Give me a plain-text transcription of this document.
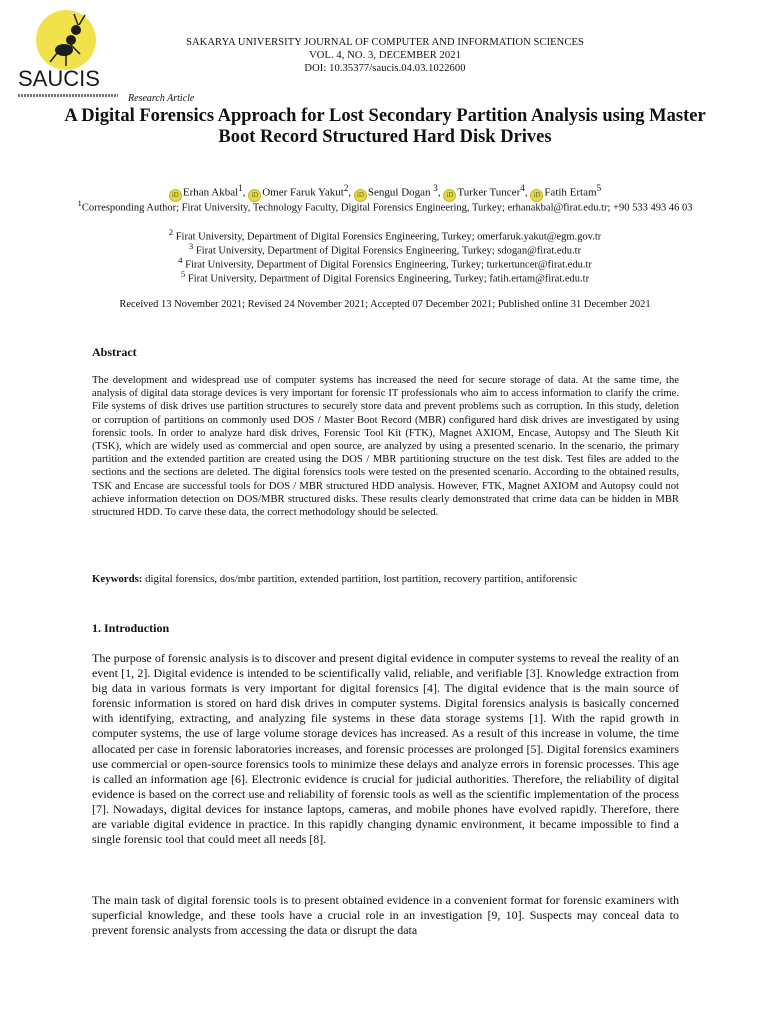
SAUCIS
SAKARYA UNIVERSITY JOURNAL OF COMPUTER AND INFORMATION SCIENCES
VOL. 4, NO. 3, DECEMBER 2021
DOI: 10.35377/saucis.04.03.1022600
Research Article
A Digital Forensics Approach for Lost Secondary Partition Analysis using Master Boot Record Structured Hard Disk Drives
iD Erhan Akbal$^1$, iD Omer Faruk Yakut$^2$, iD Sengul Dogan $^3$, iD Turker Tuncer$^4$, iD Fatih Ertam$^5$
$^1$Corresponding Author; Firat University, Technology Faculty, Digital Forensics Engineering, Turkey; erhanakbal@firat.edu.tr; +90 533 493 46 03
$^2$ Firat University, Department of Digital Forensics Engineering, Turkey; omerfaruk.yakut@egm.gov.tr
$^3$ Firat University, Department of Digital Forensics Engineering, Turkey; sdogan@firat.edu.tr
$^4$ Firat University, Department of Digital Forensics Engineering, Turkey; turkertuncer@firat.edu.tr
$^5$ Firat University, Department of Digital Forensics Engineering, Turkey; fatih.ertam@firat.edu.tr
Received 13 November 2021; Revised 24 November 2021; Accepted 07 December 2021; Published online 31 December 2021
Abstract
The development and widespread use of computer systems has increased the need for secure storage of data. At the same time, the analysis of digital data storage devices is very important for forensic IT professionals who aim to access information to clarify the crime. File systems of disk drives use partition structures to securely store data and prevent problems such as corruption. In this study, deletion or corruption of partitions on commonly used DOS / Master Boot Record (MBR) configured hard disk drives are investigated by using forensic tools. In order to analyze hard disk drives, Forensic Tool Kit (FTK), Magnet AXIOM, Encase, Autopsy and The Sleuth Kit (TSK), which are widely used as commercial and open source, are analyzed by using a presented scenario. In the scenario, the primary partition and the extended partition are created using the DOS / MBR partitioning structure on the test disk. Test files are added to the sections and the sections are deleted. The digital forensics tools were tested on the presented scenario. According to the obtained results, TSK and Encase are successful tools for DOS / MBR structured HDD analysis. However, FTK, Magnet AXIOM and Autopsy could not achieve information detection on DOS/MBR structured disks. These results clearly demonstrated that crime data can be hidden in MBR structured HDD. To carve these data, the correct methodology should be selected.
Keywords: digital forensics, dos/mbr partition, extended partition, lost partition, recovery partition, antiforensic
1. Introduction
The purpose of forensic analysis is to discover and present digital evidence in computer systems to reveal the reality of an event [1, 2]. Digital evidence is intended to be scientifically valid, reliable, and verifiable [3]. Knowledge extraction from big data in various formats is very important for digital forensics [4]. The digital evidence that is the main source of forensic information is stored on hard disk drives in computer systems. Digital forensics analysis is basically concerned with identifying, extracting, and analyzing file systems in these data storage systems [1]. With the rapid growth in computer systems, the use of large volume storage devices has increased. As a result of this increase in volume, the time allocated per case in forensic laboratories increases, and forensic processes are prolonged [5]. Digital forensics examiners use commercial or open-source forensics tools to minimize these delays and analyze errors in forensic processes. This age is called an information age [6]. Electronic evidence is crucial for judicial authorities. Therefore, the reliability of digital evidence is based on the correct use and reliability of forensic tools as well as the scientific implementation of the process [7]. Nowadays, digital devices for instance laptops, cameras, and mobile phones have evolved rapidly. Therefore, there are variable digital evidence in practice. In this rapidly changing dynamic environment, it became impossible to find a single forensic tool that could meet all needs [8].
The main task of digital forensic tools is to present obtained evidence in a convenient format for forensic examiners with superficial knowledge, and these tools have a crucial role in an investigation [9, 10]. Suspects may conceal data to prevent forensic analysts from accessing the data or disrupt the data
